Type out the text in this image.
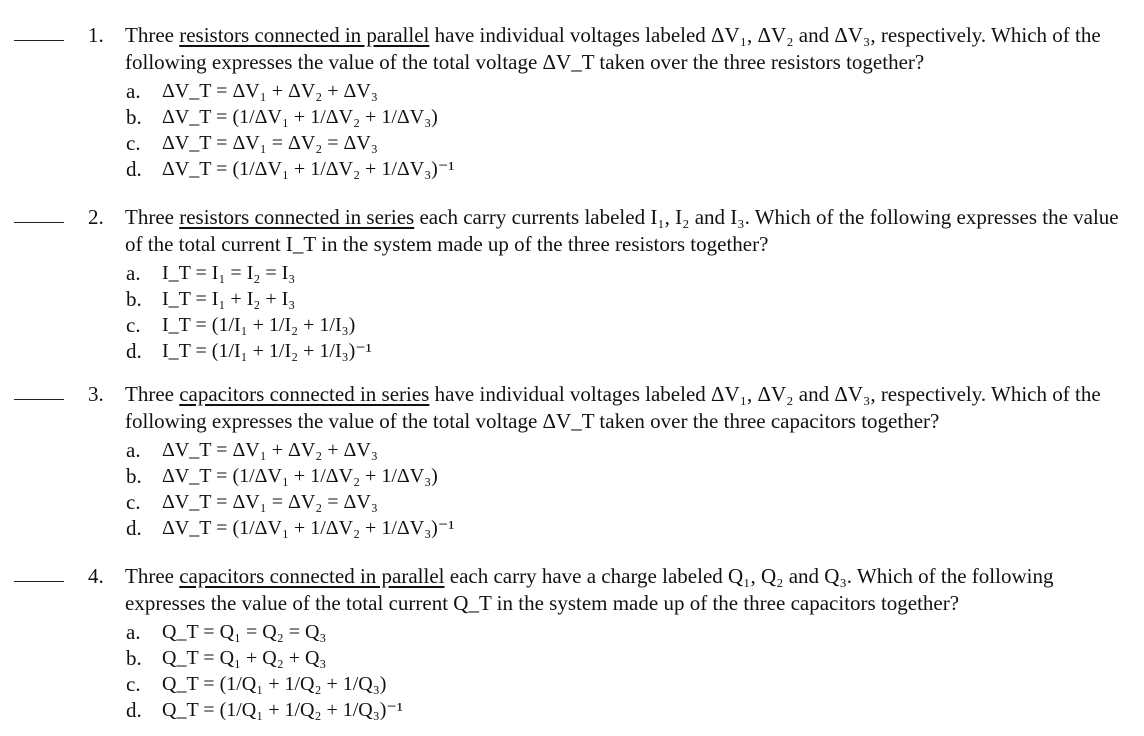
1. Three resistors connected in parallel have individual voltages labeled ΔV₁, ΔV₂ and ΔV₃, respectively. Which of the following expresses the value of the total voltage ΔV_T taken over the three resistors together?
a. ΔV_T = ΔV₁ + ΔV₂ + ΔV₃
b. ΔV_T = (1/ΔV₁ + 1/ΔV₂ + 1/ΔV₃)
c. ΔV_T = ΔV₁ = ΔV₂ = ΔV₃
d. ΔV_T = (1/ΔV₁ + 1/ΔV₂ + 1/ΔV₃)⁻¹
2. Three resistors connected in series each carry currents labeled I₁, I₂ and I₃. Which of the following expresses the value of the total current I_T in the system made up of the three resistors together?
a. I_T = I₁ = I₂ = I₃
b. I_T = I₁ + I₂ + I₃
c. I_T = (1/I₁ + 1/I₂ + 1/I₃)
d. I_T = (1/I₁ + 1/I₂ + 1/I₃)⁻¹
3. Three capacitors connected in series have individual voltages labeled ΔV₁, ΔV₂ and ΔV₃, respectively. Which of the following expresses the value of the total voltage ΔV_T taken over the three capacitors together?
a. ΔV_T = ΔV₁ + ΔV₂ + ΔV₃
b. ΔV_T = (1/ΔV₁ + 1/ΔV₂ + 1/ΔV₃)
c. ΔV_T = ΔV₁ = ΔV₂ = ΔV₃
d. ΔV_T = (1/ΔV₁ + 1/ΔV₂ + 1/ΔV₃)⁻¹
4. Three capacitors connected in parallel each carry have a charge labeled Q₁, Q₂ and Q₃. Which of the following expresses the value of the total current Q_T in the system made up of the three capacitors together?
a. Q_T = Q₁ = Q₂ = Q₃
b. Q_T = Q₁ + Q₂ + Q₃
c. Q_T = (1/Q₁ + 1/Q₂ + 1/Q₃)
d. Q_T = (1/Q₁ + 1/Q₂ + 1/Q₃)⁻¹
